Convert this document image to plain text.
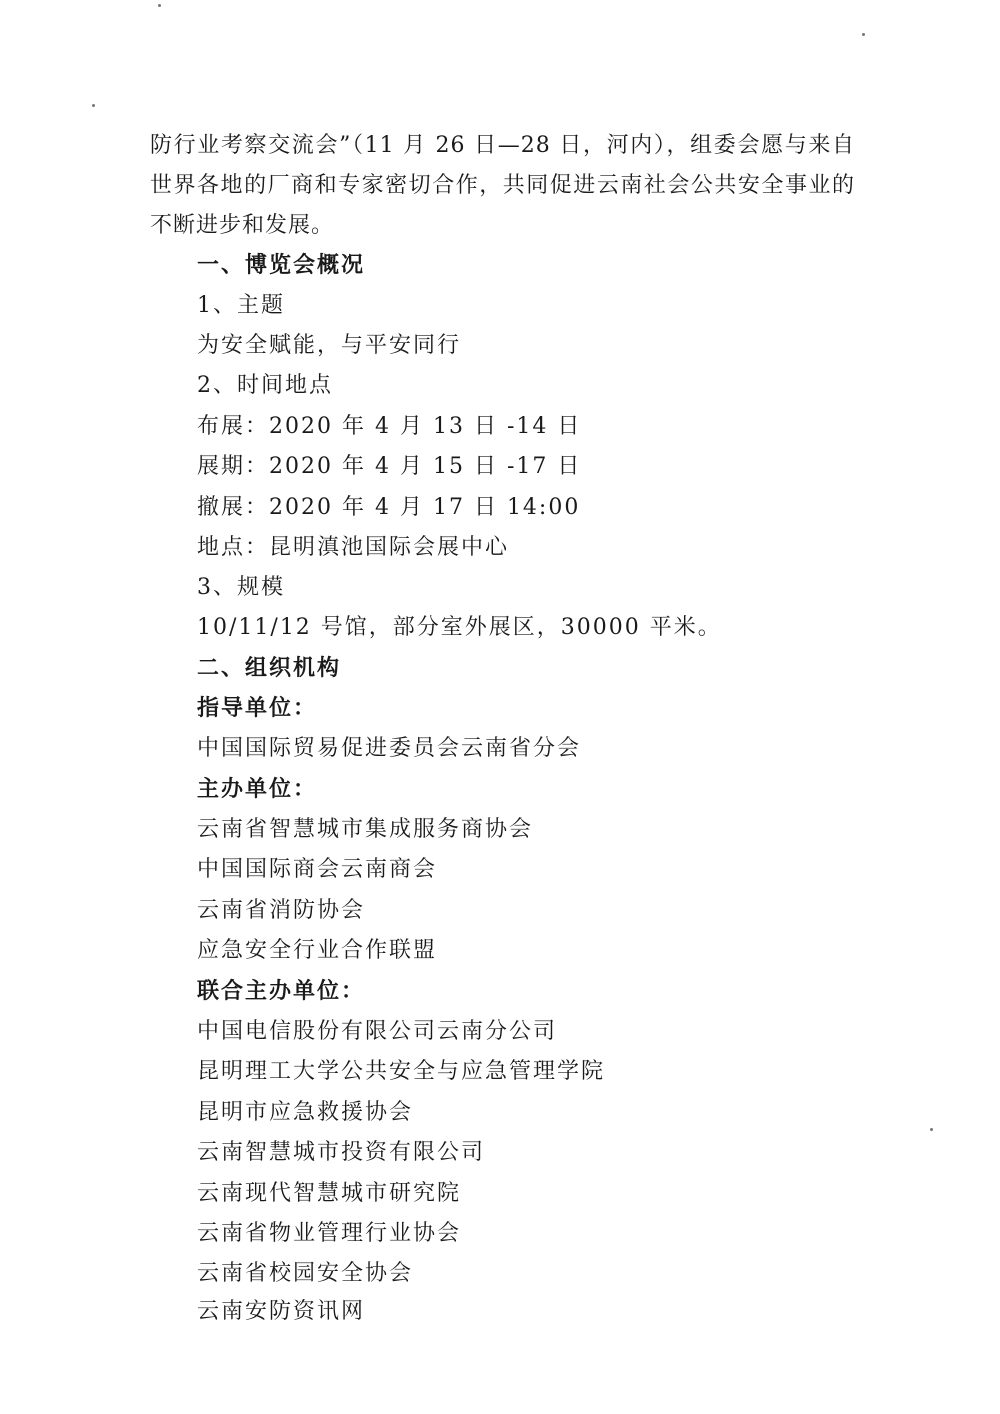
防行业考察交流会”（11 月 26 日—28 日，河内），组委会愿与来自世界各地的厂商和专家密切合作，共同促进云南社会公共安全事业的不断进步和发展。
一、博览会概况
1、主题
为安全赋能，与平安同行
2、时间地点
布展：2020 年 4 月 13 日 -14 日
展期：2020 年 4 月 15 日 -17 日
撤展：2020 年 4 月 17 日 14:00
地点：昆明滇池国际会展中心
3、规模
10/11/12 号馆，部分室外展区，30000 平米。
二、组织机构
指导单位：
中国国际贸易促进委员会云南省分会
主办单位：
云南省智慧城市集成服务商协会
中国国际商会云南商会
云南省消防协会
应急安全行业合作联盟
联合主办单位：
中国电信股份有限公司云南分公司
昆明理工大学公共安全与应急管理学院
昆明市应急救援协会
云南智慧城市投资有限公司
云南现代智慧城市研究院
云南省物业管理行业协会
云南省校园安全协会
云南安防资讯网
